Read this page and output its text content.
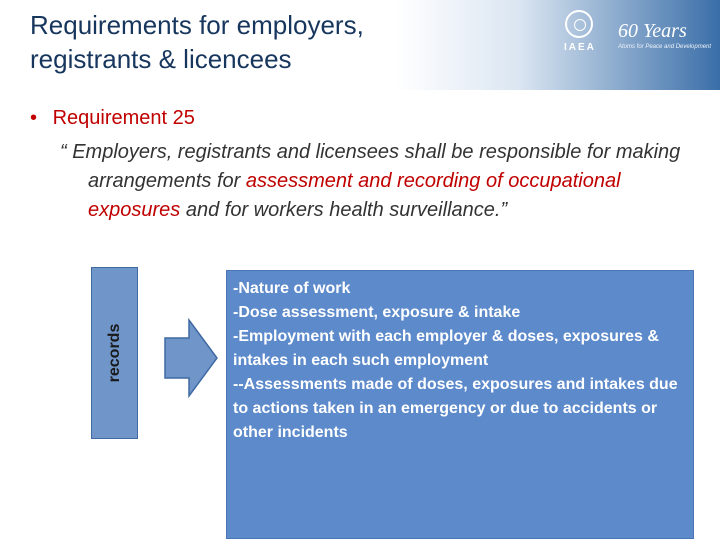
Requirements for employers,
registrants & licencees	IAEA
60 Years
Atoms for Peace and Development
• Requirement 25
“ Employers, registrants and licensees shall be responsible for making arrangements for assessment and recording of occupational exposures and for workers health surveillance.”
records
-Nature of work
-Dose assessment, exposure & intake
-Employment with each employer & doses, exposures & intakes in each such employment
--Assessments made of doses, exposures and intakes due to actions taken in an emergency or due to accidents or other incidents
